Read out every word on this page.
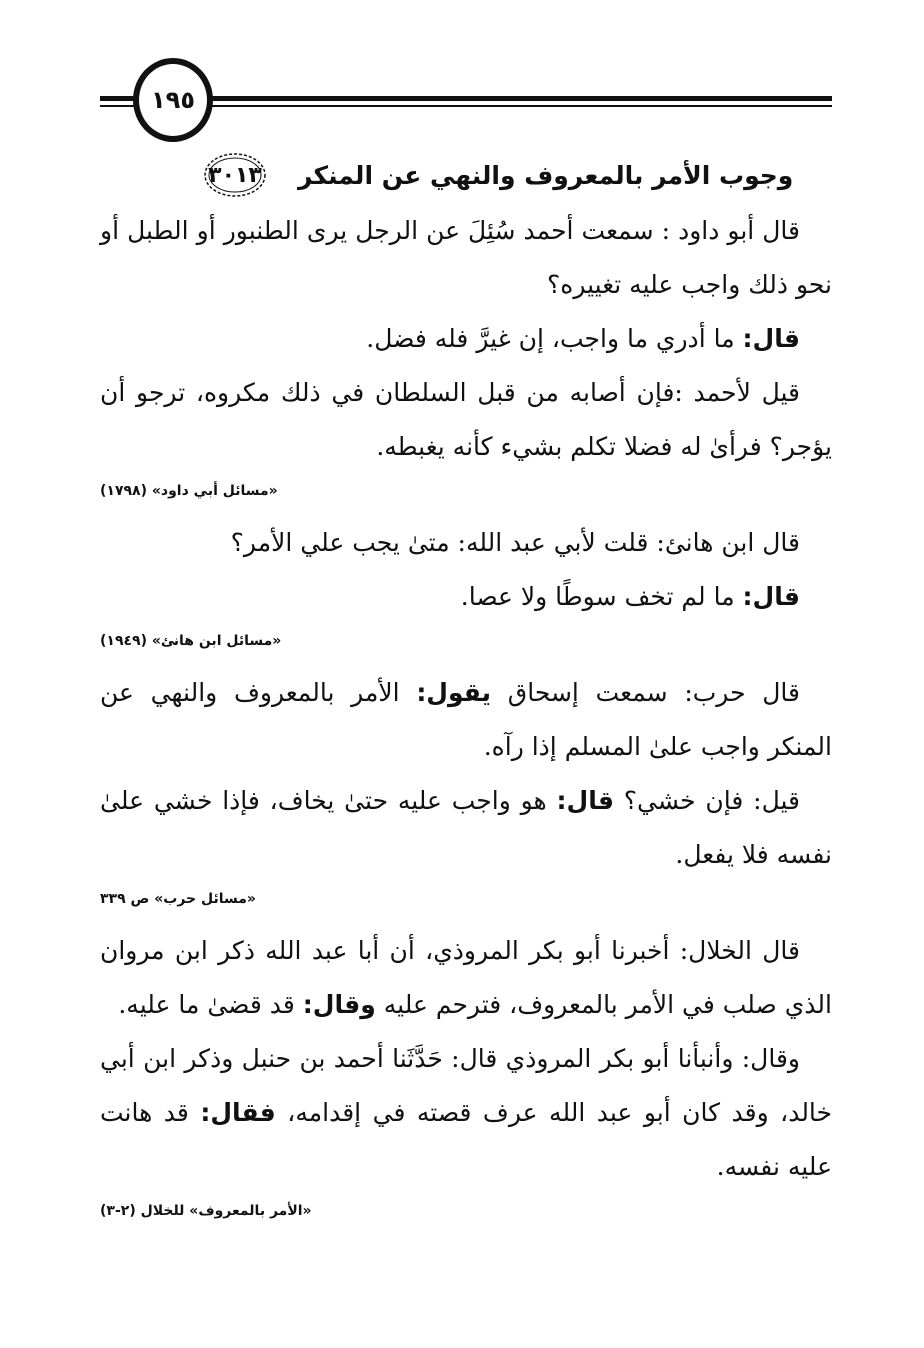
١٩٥
٣٠١٣	وجوب الأمر بالمعروف والنهي عن المنكر

قال أبو داود : سمعت أحمد سُئِلَ عن الرجل يرى الطنبور أو الطبل أو نحو ذلك واجب عليه تغييره؟

قال: ما أدري ما واجب، إن غيرَّ فله فضل.

قيل لأحمد :فإن أصابه من قبل السلطان في ذلك مكروه، ترجو أن يؤجر؟ فرأىٰ له فضلا تكلم بشيء كأنه يغبطه.

«مسائل أبي داود» (١٧٩٨)

قال ابن هانئ: قلت لأبي عبد الله: متىٰ يجب علي الأمر؟

قال: ما لم تخف سوطًا ولا عصا.

«مسائل ابن هانئ» (١٩٤٩)

قال حرب: سمعت إسحاق يقول: الأمر بالمعروف والنهي عن المنكر واجب علىٰ المسلم إذا رآه.

قيل: فإن خشي؟ قال: هو واجب عليه حتىٰ يخاف، فإذا خشي علىٰ نفسه فلا يفعل.

«مسائل حرب» ص ٣٣٩

قال الخلال: أخبرنا أبو بكر المروذي، أن أبا عبد الله ذكر ابن مروان الذي صلب في الأمر بالمعروف، فترحم عليه وقال: قد قضىٰ ما عليه.

وقال: وأنبأنا أبو بكر المروذي قال: حَدَّثَنا أحمد بن حنبل وذكر ابن أبي خالد، وقد كان أبو عبد الله عرف قصته في إقدامه، فقال: قد هانت عليه نفسه.

«الأمر بالمعروف» للخلال (٢-٣)
